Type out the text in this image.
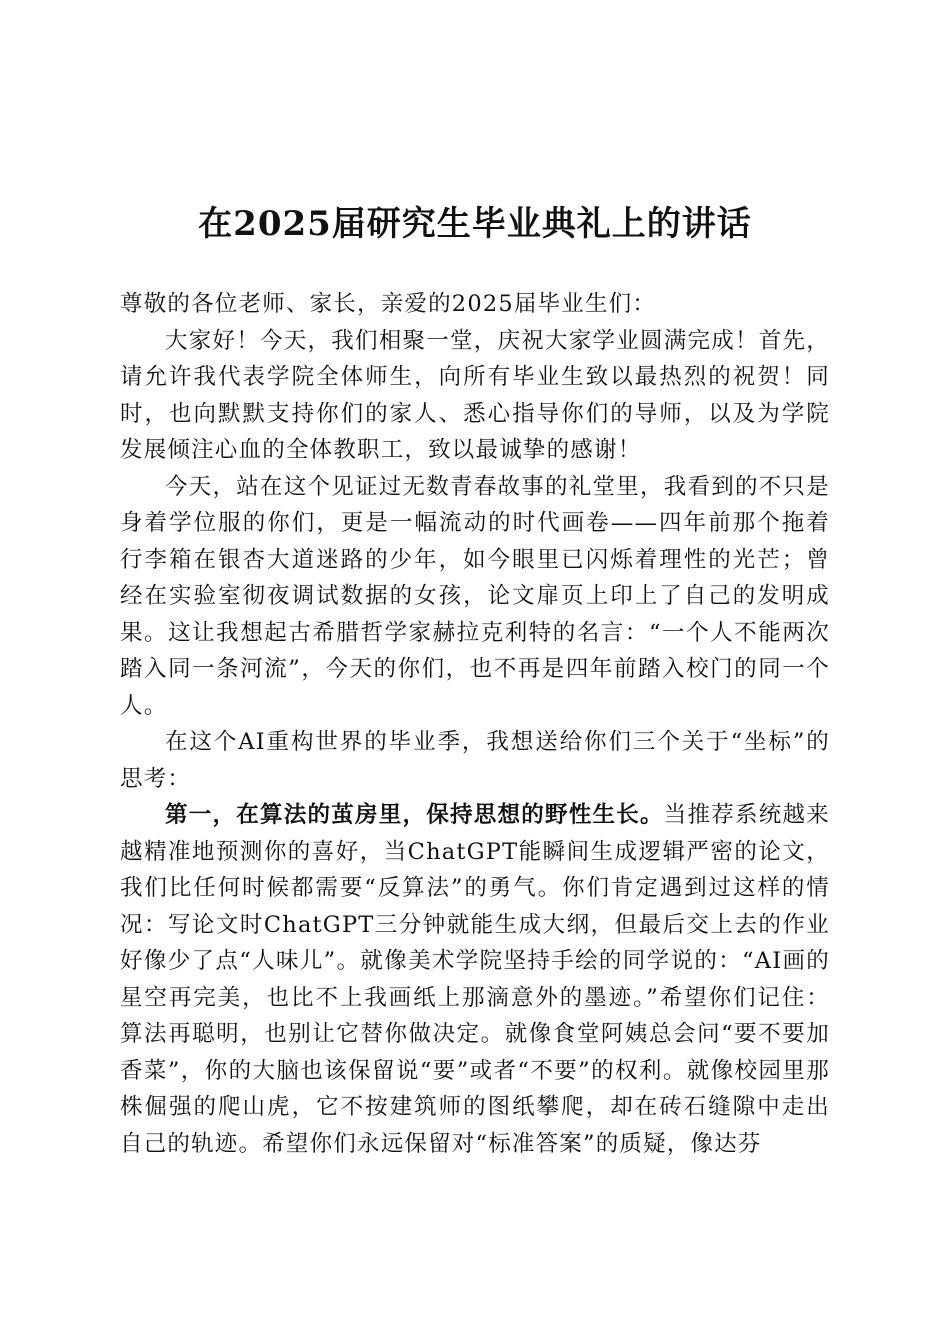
在2025届研究生毕业典礼上的讲话

尊敬的各位老师、家长，亲爱的2025届毕业生们：

大家好！今天，我们相聚一堂，庆祝大家学业圆满完成！首先，请允许我代表学院全体师生，向所有毕业生致以最热烈的祝贺！同时，也向默默支持你们的家人、悉心指导你们的导师，以及为学院发展倾注心血的全体教职工，致以最诚挚的感谢！

今天，站在这个见证过无数青春故事的礼堂里，我看到的不只是身着学位服的你们，更是一幅流动的时代画卷——四年前那个拖着行李箱在银杏大道迷路的少年，如今眼里已闪烁着理性的光芒；曾经在实验室彻夜调试数据的女孩，论文扉页上印上了自己的发明成果。这让我想起古希腊哲学家赫拉克利特的名言：“一个人不能两次踏入同一条河流”，今天的你们，也不再是四年前踏入校门的同一个人。

在这个AI重构世界的毕业季，我想送给你们三个关于“坐标”的思考：

第一，在算法的茧房里，保持思想的野性生长。当推荐系统越来越精准地预测你的喜好，当ChatGPT能瞬间生成逻辑严密的论文，我们比任何时候都需要“反算法”的勇气。你们肯定遇到过这样的情况：写论文时ChatGPT三分钟就能生成大纲，但最后交上去的作业好像少了点“人味儿”。就像美术学院坚持手绘的同学说的：“AI画的星空再完美，也比不上我画纸上那滴意外的墨迹。”希望你们记住：算法再聪明，也别让它替你做决定。就像食堂阿姨总会问“要不要加香菜”，你的大脑也该保留说“要”或者“不要”的权利。就像校园里那株倔强的爬山虎，它不按建筑师的图纸攀爬，却在砖石缝隙中走出自己的轨迹。希望你们永远保留对“标准答案”的质疑，像达芬
